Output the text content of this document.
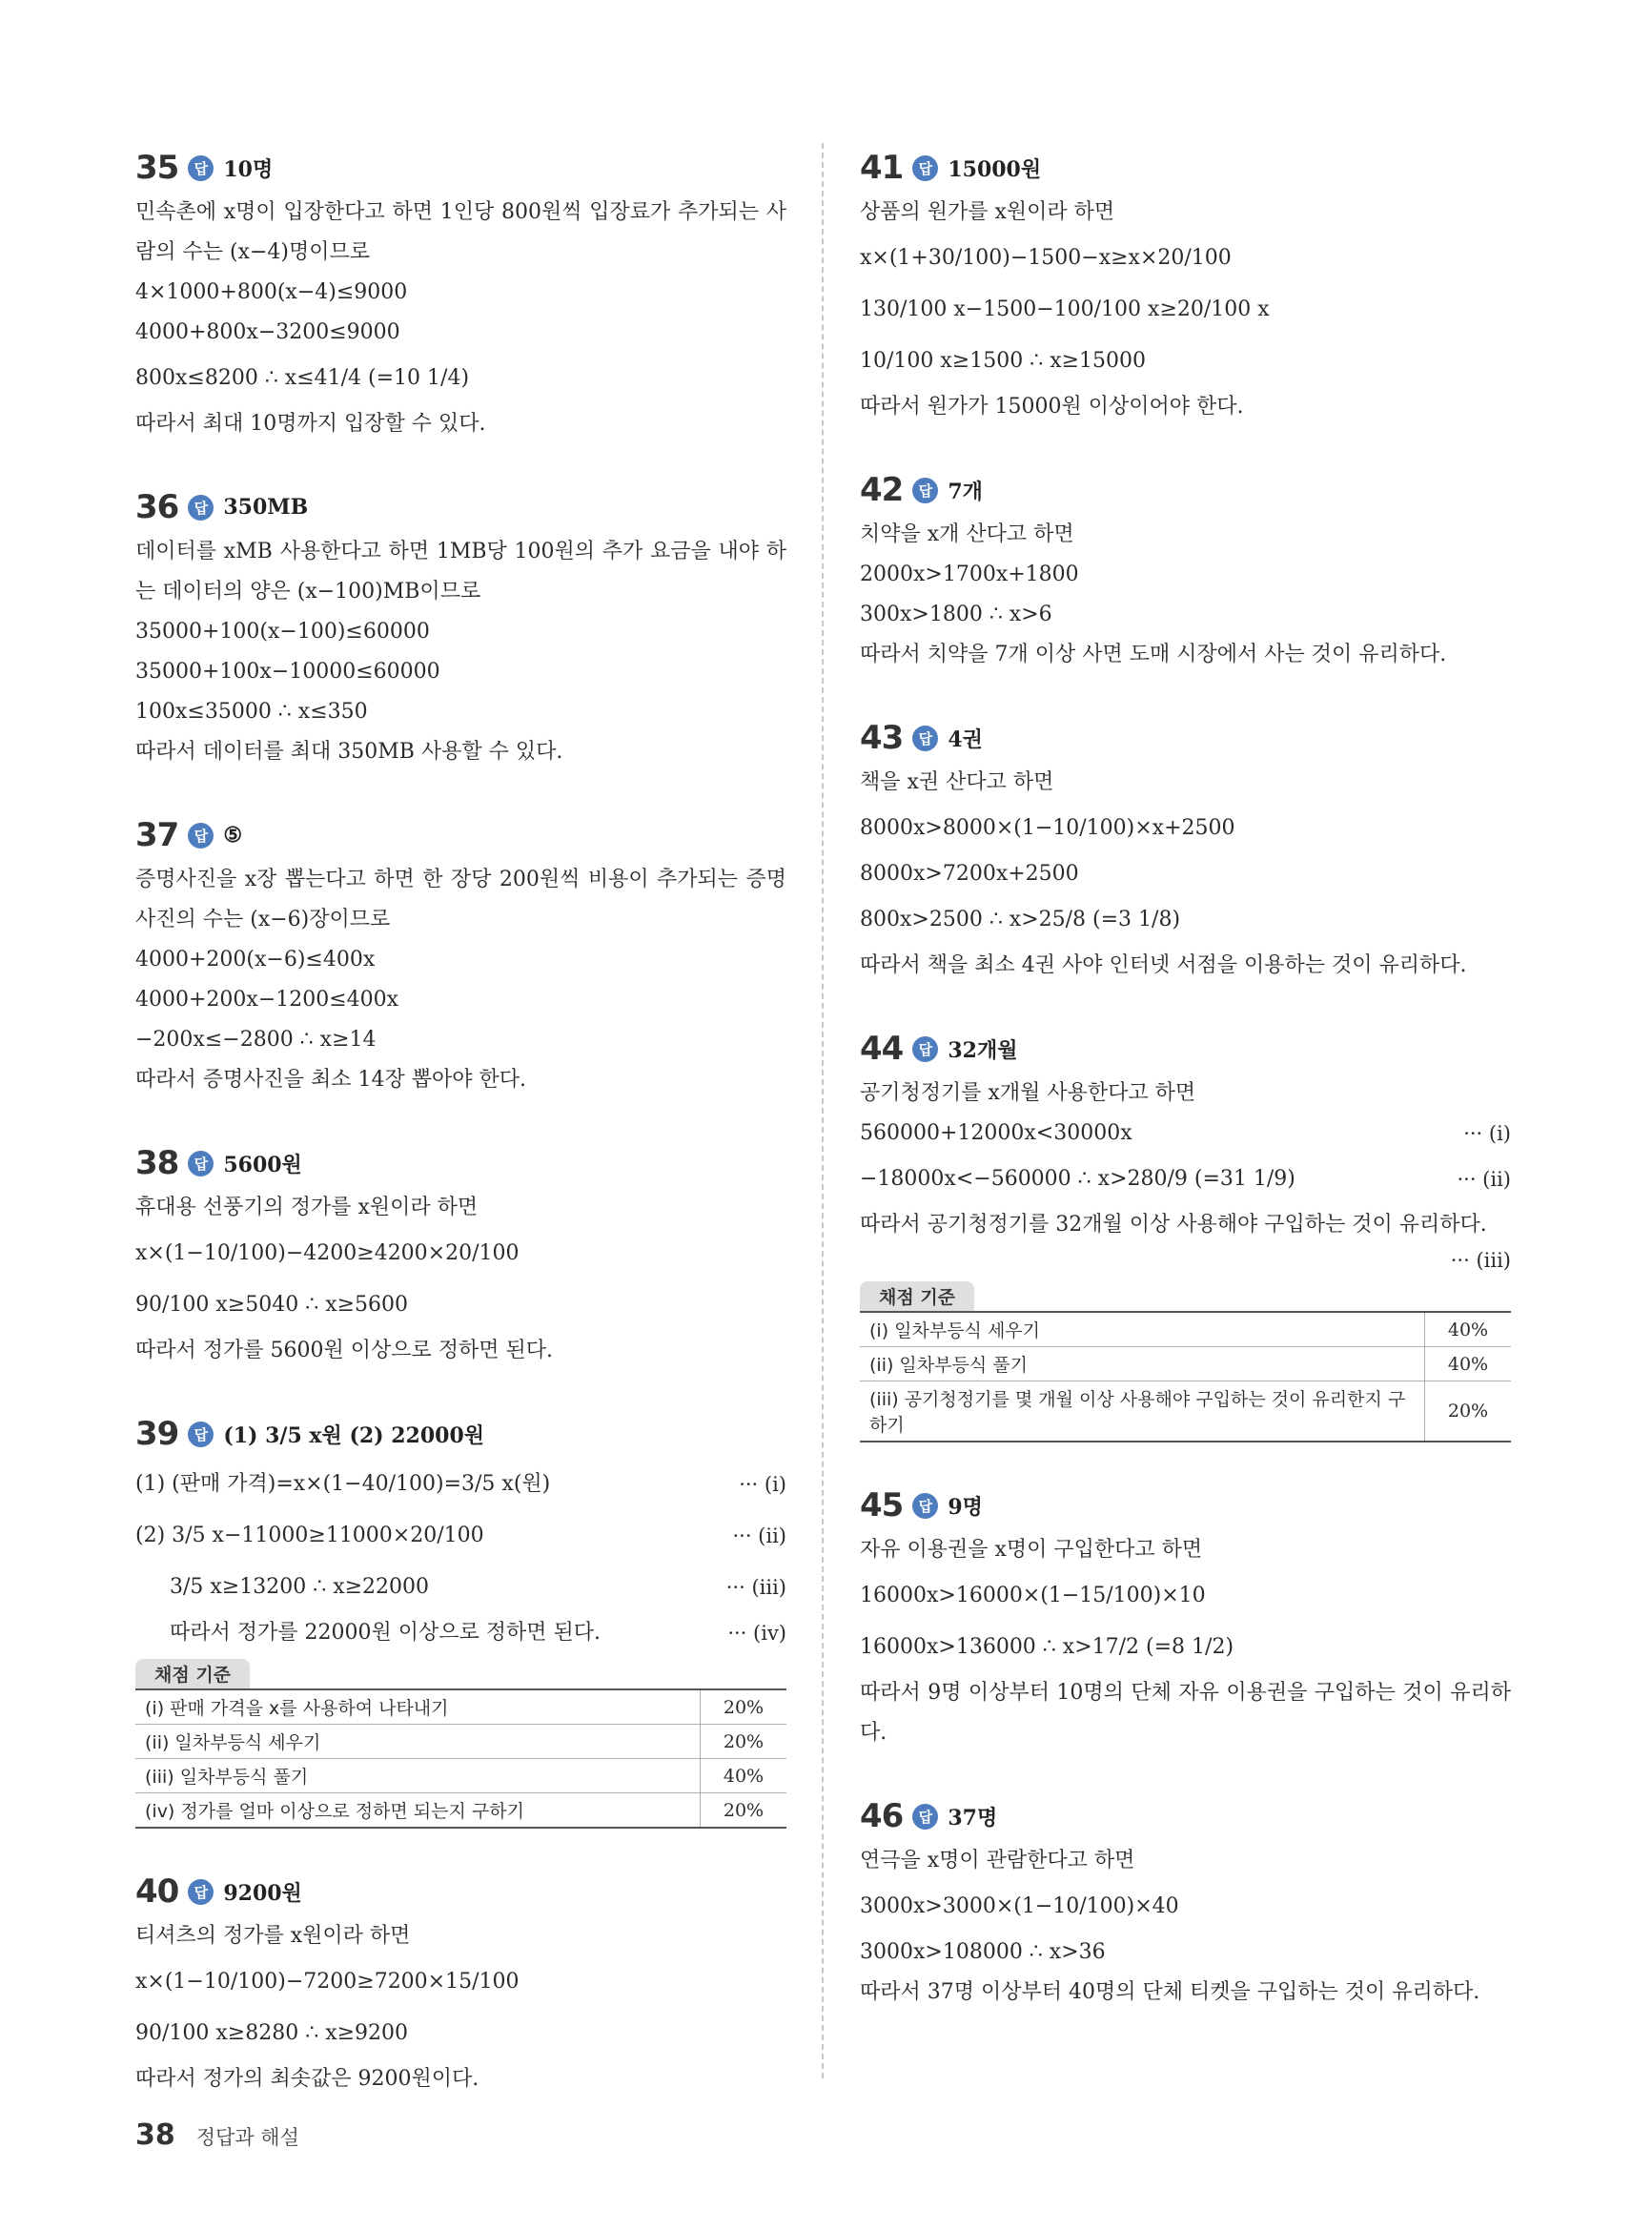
35	답 10명
민속촌에 x명이 입장한다고 하면 1인당 800원씩 입장료가 추가되는 사람의 수는 (x−4)명이므로
4×1000+800(x−4)≤9000
4000+800x−3200≤9000
800x≤8200 ∴ x≤41/4 (=10 1/4)
따라서 최대 10명까지 입장할 수 있다.
36	답 350MB
데이터를 xMB 사용한다고 하면 1MB당 100원의 추가 요금을 내야 하는 데이터의 양은 (x−100)MB이므로
35000+100(x−100)≤60000
35000+100x−10000≤60000
100x≤35000 ∴ x≤350
따라서 데이터를 최대 350MB 사용할 수 있다.
37	답 ⑤
증명사진을 x장 뽑는다고 하면 한 장당 200원씩 비용이 추가되는 증명사진의 수는 (x−6)장이므로
4000+200(x−6)≤400x
4000+200x−1200≤400x
−200x≤−2800 ∴ x≥14
따라서 증명사진을 최소 14장 뽑아야 한다.
38	답 5600원
휴대용 선풍기의 정가를 x원이라 하면
x×(1−10/100)−4200≥4200×20/100
90/100 x≥5040 ∴ x≥5600
따라서 정가를 5600원 이상으로 정하면 된다.
39	답 (1) 3/5 x원 (2) 22000원
(1) (판매 가격)=x×(1−40/100)=3/5 x(원)	··· (i)
(2) 3/5 x−11000≥11000×20/100	··· (ii)
3/5 x≥13200 ∴ x≥22000	··· (iii)
따라서 정가를 22000원 이상으로 정하면 된다.	··· (iv)
채점 기준
(i) 판매 가격을 x를 사용하여 나타내기	20%
(ii) 일차부등식 세우기	20%
(iii) 일차부등식 풀기	40%
(iv) 정가를 얼마 이상으로 정하면 되는지 구하기	20%
40	답 9200원
티셔츠의 정가를 x원이라 하면
x×(1−10/100)−7200≥7200×15/100
90/100 x≥8280 ∴ x≥9200
따라서 정가의 최솟값은 9200원이다.
41	답 15000원
상품의 원가를 x원이라 하면
x×(1+30/100)−1500−x≥x×20/100
130/100 x−1500−100/100 x≥20/100 x
10/100 x≥1500 ∴ x≥15000
따라서 원가가 15000원 이상이어야 한다.
42	답 7개
치약을 x개 산다고 하면
2000x>1700x+1800
300x>1800 ∴ x>6
따라서 치약을 7개 이상 사면 도매 시장에서 사는 것이 유리하다.
43	답 4권
책을 x권 산다고 하면
8000x>8000×(1−10/100)×x+2500
8000x>7200x+2500
800x>2500 ∴ x>25/8 (=3 1/8)
따라서 책을 최소 4권 사야 인터넷 서점을 이용하는 것이 유리하다.
44	답 32개월
공기청정기를 x개월 사용한다고 하면
560000+12000x<30000x	··· (i)
−18000x<−560000 ∴ x>280/9 (=31 1/9)	··· (ii)
따라서 공기청정기를 32개월 이상 사용해야 구입하는 것이 유리하다.
··· (iii)
채점 기준
(i) 일차부등식 세우기	40%
(ii) 일차부등식 풀기	40%
(iii) 공기청정기를 몇 개월 이상 사용해야 구입하는 것이 유리한지 구하기	20%
45	답 9명
자유 이용권을 x명이 구입한다고 하면
16000x>16000×(1−15/100)×10
16000x>136000 ∴ x>17/2 (=8 1/2)
따라서 9명 이상부터 10명의 단체 자유 이용권을 구입하는 것이 유리하다.
46	답 37명
연극을 x명이 관람한다고 하면
3000x>3000×(1−10/100)×40
3000x>108000 ∴ x>36
따라서 37명 이상부터 40명의 단체 티켓을 구입하는 것이 유리하다.
38 정답과 해설
